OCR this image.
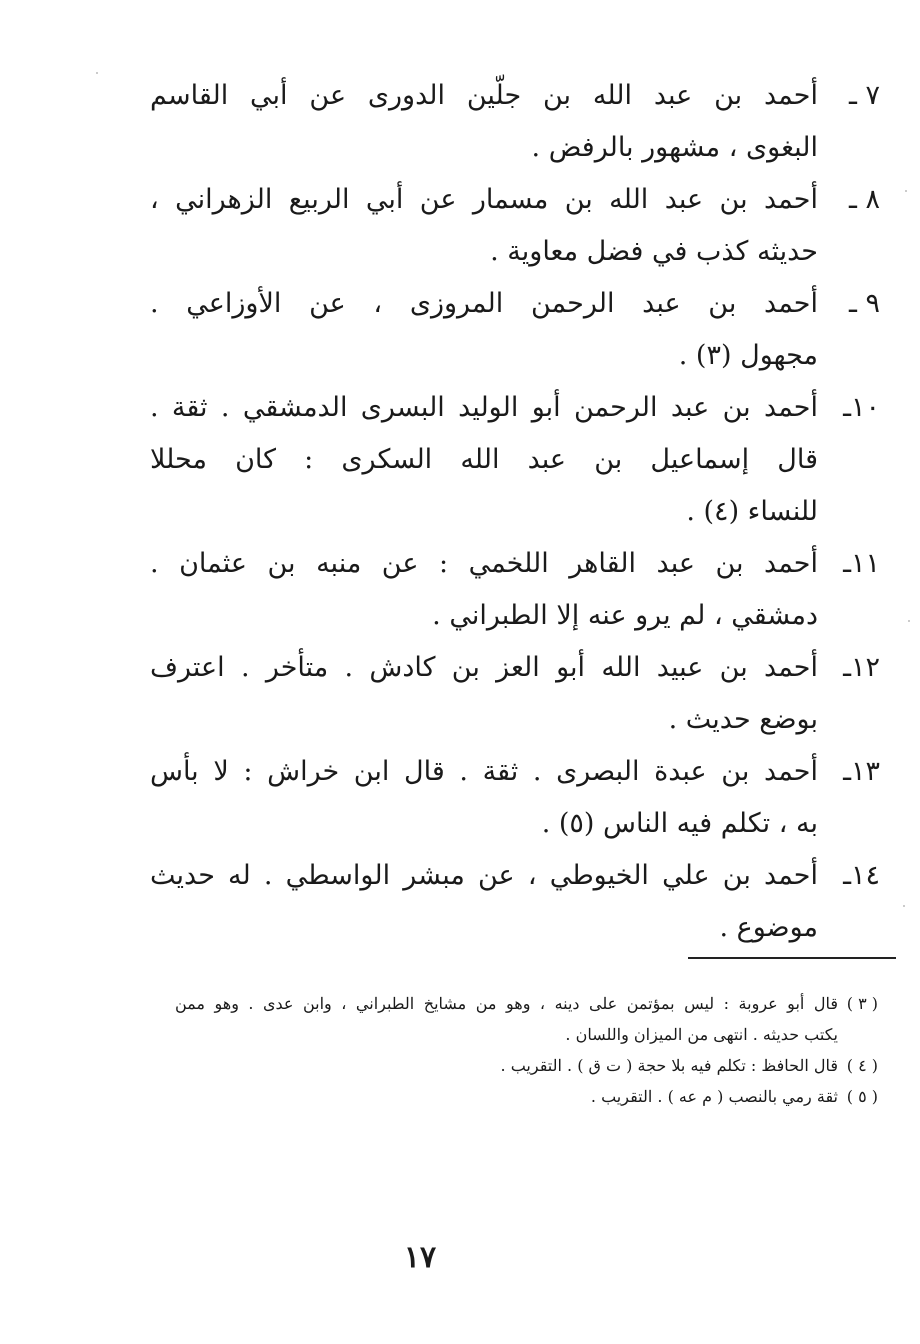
٧ ـ
أحمد بن عبد الله بن جلّين الدورى عن أبي القاسم
البغوى ، مشهور بالرفض .
٨ ـ
أحمد بن عبد الله بن مسمار عن أبي الربيع الزهراني ،
حديثه كذب في فضل معاوية .
٩ ـ
أحمد بن عبد الرحمن المروزى ، عن الأوزاعي .
مجهول (٣) .
١٠ـ
أحمد بن عبد الرحمن أبو الوليد البسرى الدمشقي . ثقة .
قال إسماعيل بن عبد الله السكرى : كان محللا
للنساء (٤) .
١١ـ
أحمد بن عبد القاهر اللخمي : عن منبه بن عثمان .
دمشقي ، لم يرو عنه إلا الطبراني .
١٢ـ
أحمد بن عبيد الله أبو العز بن كادش . متأخر . اعترف
بوضع حديث .
١٣ـ
أحمد بن عبدة البصرى . ثقة . قال ابن خراش : لا بأس
به ، تكلم فيه الناس (٥) .
١٤ـ
أحمد بن علي الخيوطي ، عن مبشر الواسطي . له حديث
موضوع .
( ٣ )
قال أبو عروبة : ليس بمؤتمن على دينه ، وهو من مشايخ الطبراني ، وابن عدى . وهو ممن
يكتب حديثه . انتهى من الميزان واللسان .
( ٤ )
قال الحافظ : تكلم فيه بلا حجة ( ت ق ) . التقريب .
( ٥ )
ثقة رمي بالنصب ( م عه ) . التقريب .
١٧
